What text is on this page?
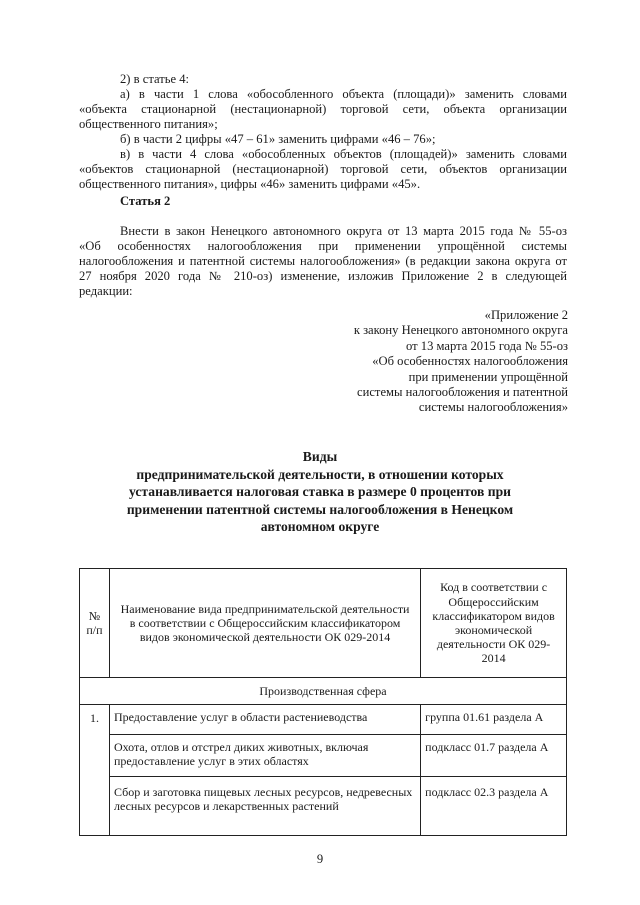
2) в статье 4:

а) в части 1 слова «обособленного объекта (площади)» заменить словами

«объекта стационарной (нестационарной) торговой сети, объекта организации

общественного питания»;

б) в части 2 цифры «47 – 61» заменить цифрами «46 – 76»;

в) в части 4 слова «обособленных объектов (площадей)» заменить словами

«объектов стационарной (нестационарной) торговой сети, объектов организации

общественного питания», цифры «46» заменить цифрами «45».

Статья 2

Внести в закон Ненецкого автономного округа от 13 марта 2015 года № 55-оз

«Об особенностях налогообложения при применении упрощённой системы

налогообложения и патентной системы налогообложения» (в редакции закона округа от

27 ноября 2020 года № 210-оз) изменение, изложив Приложение 2 в следующей

редакции:

«Приложение 2
к закону Ненецкого автономного округа
от 13 марта 2015 года № 55-оз
«Об особенностях налогообложения
при применении упрощённой
системы налогообложения и патентной
системы налогообложения»
Виды
предпринимательской деятельности, в отношении которых
устанавливается налоговая ставка в размере 0 процентов при
применении патентной системы налогообложения в Ненецком
автономном округе
№ п/п	Наименование вида предпринимательской деятельности в соответствии с Общероссийским классификатором видов экономической деятельности ОК 029-2014	Код в соответствии с Общероссийским классификатором видов экономической деятельности ОК 029-2014
Производственная сфера		
1.	Предоставление услуг в области растениеводства	группа 01.61 раздела А
	Охота, отлов и отстрел диких животных, включая предоставление услуг в этих областях	подкласс 01.7 раздела А
	Сбор и заготовка пищевых лесных ресурсов, недревесных лесных ресурсов и лекарственных растений	подкласс 02.3 раздела А
9
